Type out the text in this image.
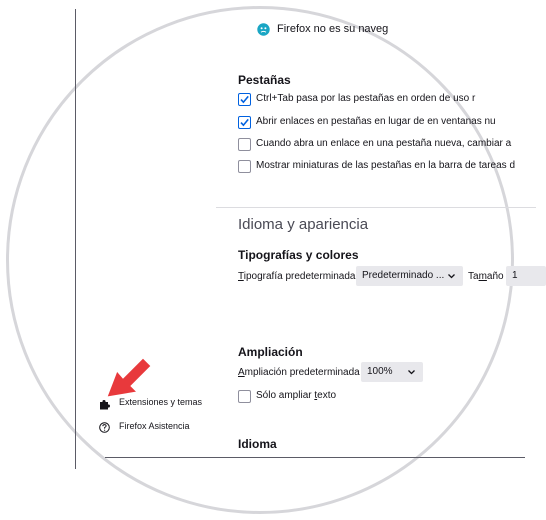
Firefox no es su naveg
Pestañas
Ctrl+Tab pasa por las pestañas en orden de uso r
Abrir enlaces en pestañas en lugar de en ventanas nu
Cuando abra un enlace en una pestaña nueva, cambiar a
Mostrar miniaturas de las pestañas en la barra de tareas d
Idioma y apariencia
Tipografías y colores
Tipografía predeterminada Predeterminado ...	Tamaño 1
Ampliación
Ampliación predeterminada 100%
Sólo ampliar texto
Idioma
Extensiones y temas
Firefox Asistencia
